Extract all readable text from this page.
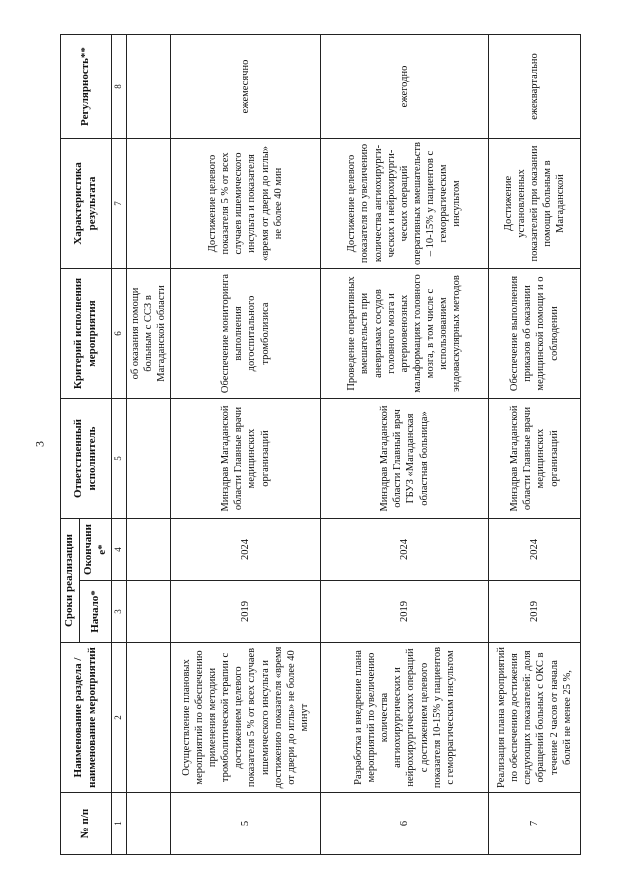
3
№ п/п	Наименование раздела /наименование мероприятий	Сроки реализации		Ответственный исполнитель	Критерий исполнения мероприятия	Характеристика результата	Регулярность**
		Начало*	Окончание*				
1	2	3	4	5	6	7	8
					об оказания помощи больным с ССЗ в Магаданской области		
5	Осуществление плановых мероприятий по обеспечению применения методики тромболитической терапии с достижением целевого показателя 5 % от всех случаев ишемического инсульта и достижению показателя «время от двери до иглы» не более 40 минут	2019	2024	Минздрав Магаданской области Главные врачи медицинских организаций	Обеспечение мониторинга выполнения догоспитального тромболизиса	Достижение целевого показателя 5 % от всех случаев ишемического инсульта и показателя «время от двери до иглы» не более 40 мин	ежемесячно
6	Разработка и внедрение плана мероприятий по увеличению количества ангиохирургических и нейрохирургических операций с достижением целевого показателя 10-15% у пациентов с геморрагическим инсультом	2019	2024	Минздрав Магаданской области Главный врач ГБУЗ «Магаданская областная больница»	Проведение оперативных вмешательств при аневризмах сосудов головного мозга и артериовенозных мальформациях головного мозга, в том числе с использованием эндоваскулярных методов	Достижение целевого показателя по увеличению количества ангиохирурги-ческих и нейрохирурги-ческих операций оперативных вмешательств – 10-15% у пациентов с геморрагическим инсультом	ежегодно
7	Реализация плана мероприятий по обеспечению достижения следующих показателей: доля обращений больных с ОКС в течение 2 часов от начала болей не менее 25 %,	2019	2024	Минздрав Магаданской области Главные врачи медицинских организаций	Обеспечение выполнения приказов об оказании медицинской помощи и о соблюдении	Достижение установленных показателей при оказании помощи больным в Магаданской	ежеквартально
